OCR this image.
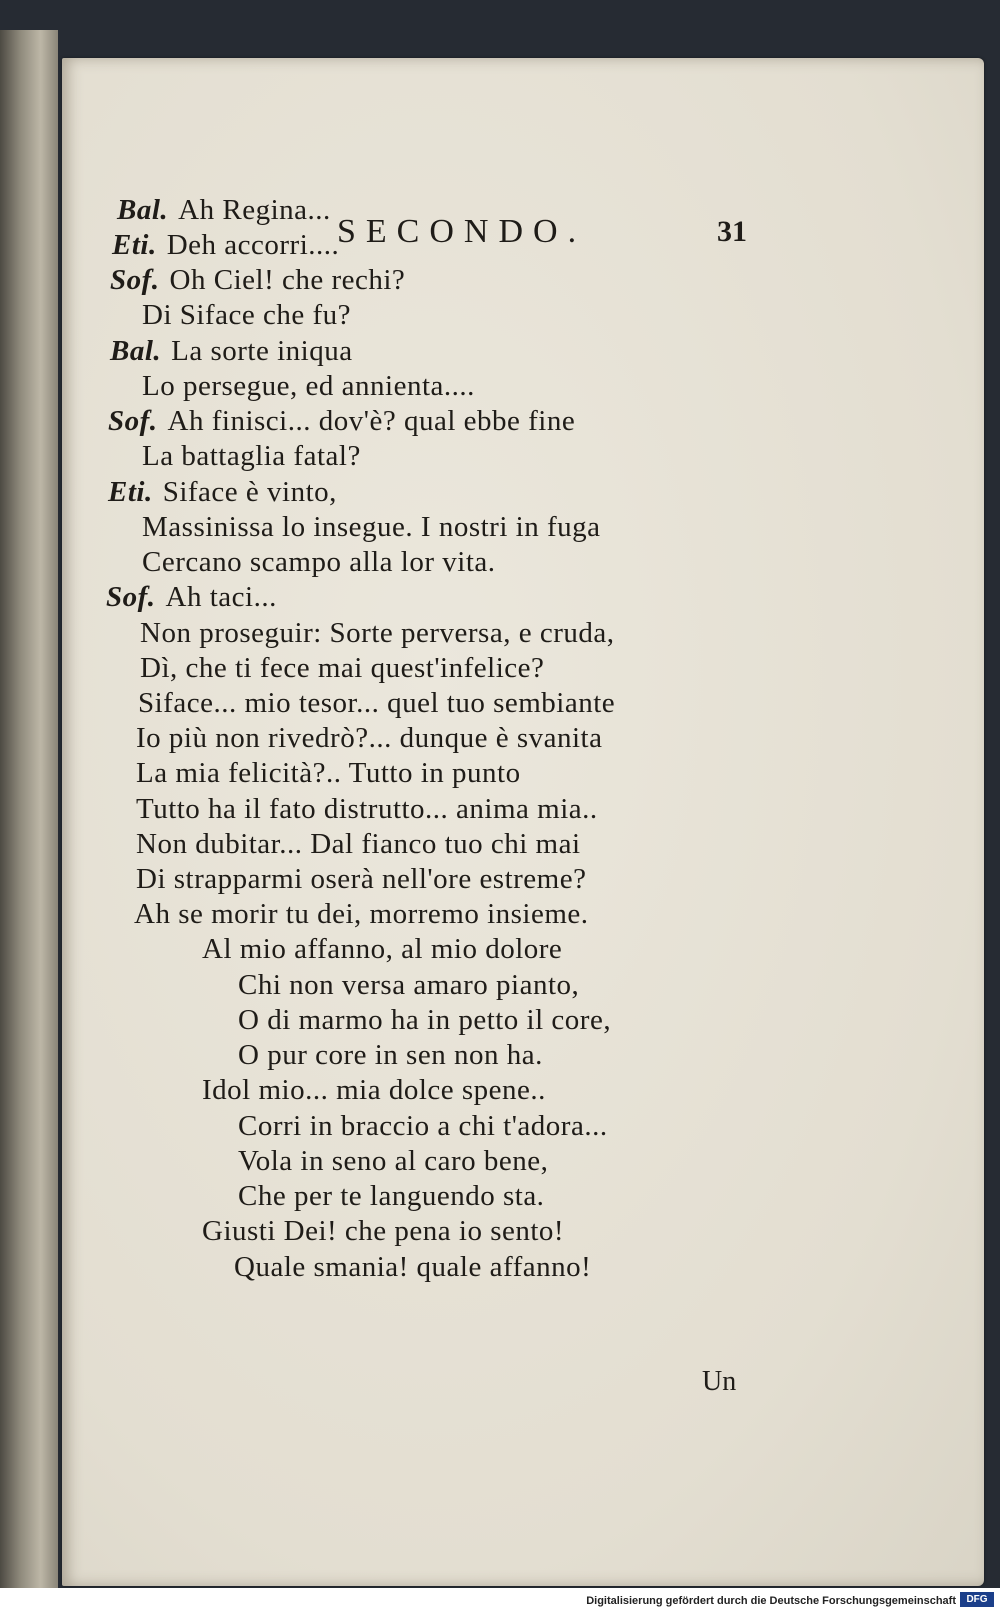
SECONDO.	31
Bal. Ah Regina...
Eti. Deh accorri....
Sof. Oh Ciel! che rechi?
Di Siface che fu?
Bal. La sorte iniqua
Lo persegue, ed annienta....
Sof. Ah finisci... dov'è? qual ebbe fine
La battaglia fatal?
Eti. Siface è vinto,
Massinissa lo insegue. I nostri in fuga
Cercano scampo alla lor vita.
Sof. Ah taci...
Non proseguir: Sorte perversa, e cruda,
Dì, che ti fece mai quest'infelice?
Siface... mio tesor... quel tuo sembiante
Io più non rivedrò?... dunque è svanita
La mia felicità?.. Tutto in punto
Tutto ha il fato distrutto... anima mia..
Non dubitar... Dal fianco tuo chi mai
Di strapparmi oserà nell'ore estreme?
Ah se morir tu dei, morremo insieme.
Al mio affanno, al mio dolore
Chi non versa amaro pianto,
O di marmo ha in petto il core,
O pur core in sen non ha.
Idol mio... mia dolce spene..
Corri in braccio a chi t'adora...
Vola in seno al caro bene,
Che per te languendo sta.
Giusti Dei! che pena io sento!
Quale smania! quale affanno!
Un
Digitalisierung gefördert durch die Deutsche Forschungsgemeinschaft	DFG
